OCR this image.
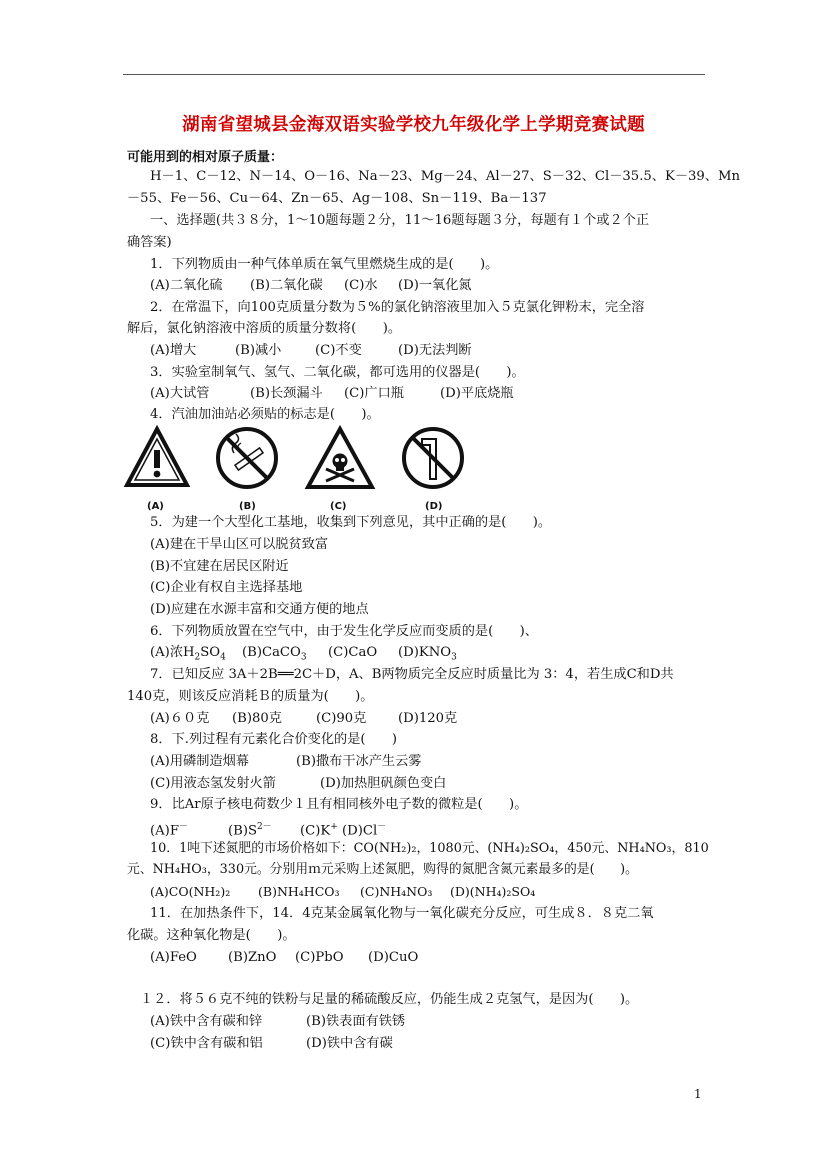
湖南省望城县金海双语实验学校九年级化学上学期竞赛试题
可能用到的相对原子质量：
H－1、C－12、N－14、O－16、Na－23、Mg－24、Al－27、S－32、Cl－35.5、K－39、Mn
－55、Fe－56、Cu－64、Zn－65、Ag－108、Sn－119、Ba－137
一、选择题(共３８分，1～10题每题２分，11～16题每题３分，每题有１个或２个正
确答案)
1．下列物质由一种气体单质在氧气里燃烧生成的是(　　)。
(A)二氧化硫 (B)二氧化碳 (C)水 (D)一氧化氮
2．在常温下，向100克质量分数为５%的氯化钠溶液里加入５克氯化钾粉末，完全溶
解后，氯化钠溶液中溶质的质量分数将(　　)。
(A)增大	(B)减小	(C)不变	(D)无法判断
3．实验室制氧气、氢气、二氧化碳，都可选用的仪器是(　　)。
(A)大试管	(B)长颈漏斗 (C)广口瓶	(D)平底烧瓶
4．汽油加油站必须贴的标志是(　　)。
(A)	(B)	(C)	(D)
5．为建一个大型化工基地，收集到下列意见，其中正确的是(　　)。
(A)建在干旱山区可以脱贫致富
(B)不宜建在居民区附近
(C)企业有权自主选择基地
(D)应建在水源丰富和交通方便的地点
6．下列物质放置在空气中，由于发生化学反应而变质的是(　　)、
(A)浓$H_2SO_4$ (B)CaCO$_3$ (C)CaO $(D)KNO_3$
7．已知反应 3A＋2B══2C＋D，A、B两物质完全反应时质量比为 3：4，若生成C和D共
140克，则该反应消耗Ｂ的质量为(　　)。
(A)６０克 (B)80克	(C)90克 (D)120克
8．下.列过程有元素化合价变化的是(　　)
(A)用磷制造烟幕	(B)撒布干冰产生云雾
(C)用液态氢发射火箭	(D)加热胆矾颜色变白
9．比Ar原子核电荷数少１且有相同核外电子数的微粒是(　　)。
(A)F－	$(B)S^{2-}$ (C)K+ (D)Cl－
10．1吨下述氮肥的市场价格如下：CO(NH₂)₂，1080元、(NH₄)₂SO₄，450元、NH₄NO₃，810
元、NH₄HO₃，330元。分别用ｍ元采购上述氮肥，购得的氮肥含氮元素最多的是(　　)。
(A)CO(NH₂)₂ (B)NH₄HCO₃ (C)NH₄NO₃ (D)(NH₄)₂SO₄
11．在加热条件下，14．4克某金属氧化物与一氧化碳充分反应，可生成８．８克二氧
化碳。这种氧化物是(　　)。
(A)FeO (B)ZnO (C)PbO (D)CuO
１２．将５６克不纯的铁粉与足量的稀硫酸反应，仍能生成２克氢气，是因为(　　)。
(A)铁中含有碳和锌	(B)铁表面有铁锈
(C)铁中含有碳和铝	(D)铁中含有碳
1
